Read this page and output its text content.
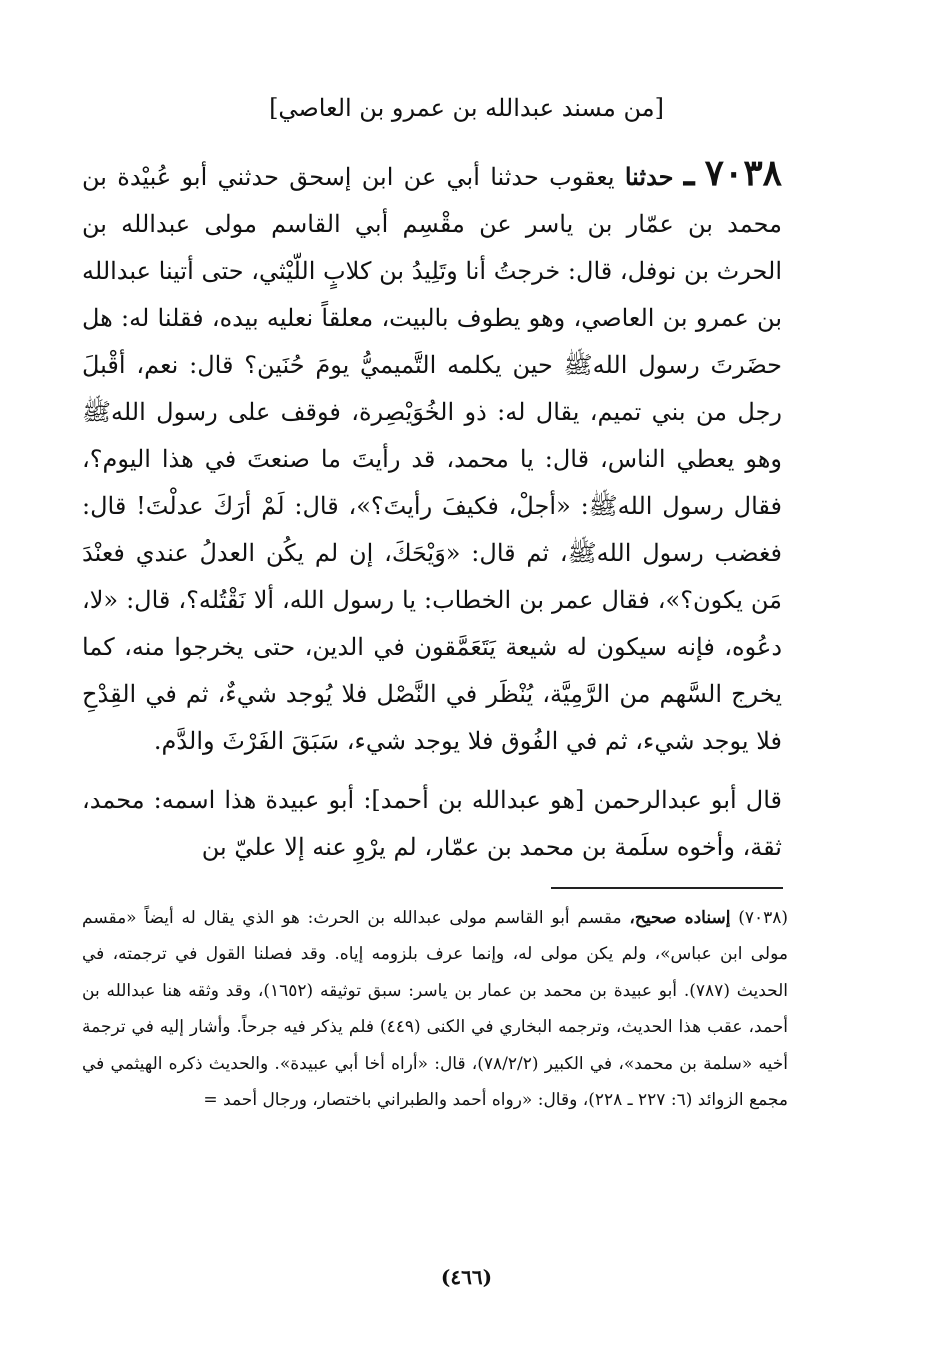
[من مسند عبدالله بن عمرو بن العاصي]
٧٠٣٨ ـ حدثنا يعقوب حدثنا أبي عن ابن إسحق حدثني أبو عُبيْدة بن محمد بن عمّار بن ياسر عن مقْسِم أبي القاسم مولى عبدالله بن الحرث بن نوفل، قال: خرجتُ أنا وتَلِيدُ بن كلابٍ اللّيْثي، حتى أتينا عبدالله بن عمرو بن العاصي، وهو يطوف بالبيت، معلقاً نعليه بيده، فقلنا له: هل حضَرتَ رسول اللهﷺ حين يكلمه التَّميميُّ يومَ حُنَين؟ قال: نعم، أقْبلَ رجل من بني تميم، يقال له: ذو الخُوَيْصِرة، فوقف على رسول اللهﷺ وهو يعطي الناس، قال: يا محمد، قد رأيتَ ما صنعتَ في هذا اليوم؟، فقال رسول اللهﷺ: «أجلْ، فكيفَ رأيتَ؟»، قال: لَمْ أرَكَ عدلْتَ! قال: فغضب رسول اللهﷺ، ثم قال: «وَيْحَكَ، إن لم يكُن العدلُ عندي فعنْدَ مَن يكون؟»، فقال عمر بن الخطاب: يا رسول الله، ألا نَقْتُله؟، قال: «لا، دعُوه، فإنه سيكون له شيعة يَتَعَمَّقون في الدين، حتى يخرجوا منه، كما يخرج السَّهم من الرَّمِيَّة، يُنْظَر في النَّصْل فلا يُوجد شيءٌ، ثم في القِدْحِ فلا يوجد شيء، ثم في الفُوق فلا يوجد شيء، سَبَقَ الفَرْثَ والدَّم.
قال أبو عبدالرحمن [هو عبدالله بن أحمد]: أبو عبيدة هذا اسمه: محمد، ثقة، وأخوه سلَمة بن محمد بن عمّار، لم يرْوِ عنه إلا عليّ بن
(٧٠٣٨) إسناده صحيح، مقسم أبو القاسم مولى عبدالله بن الحرث: هو الذي يقال له أيضاً «مقسم مولى ابن عباس»، ولم يكن مولى له، وإنما عرف بلزومه إياه. وقد فصلنا القول في ترجمته، في الحديث (٧٨٧). أبو عبيدة بن محمد بن عمار بن ياسر: سبق توثيقه (١٦٥٢)، وقد وثقه هنا عبدالله بن أحمد، عقب هذا الحديث، وترجمه البخاري في الكنى (٤٤٩) فلم يذكر فيه جرحاً. وأشار إليه في ترجمة أخيه «سلمة بن محمد»، في الكبير (٧٨/٢/٢)، قال: «أراه أخا أبي عبيدة». والحديث ذكره الهيثمي في مجمع الزوائد (٦: ٢٢٧ ـ ٢٢٨)، وقال: «رواه أحمد والطبراني باختصار، ورجال أحمد =
(٤٦٦)
